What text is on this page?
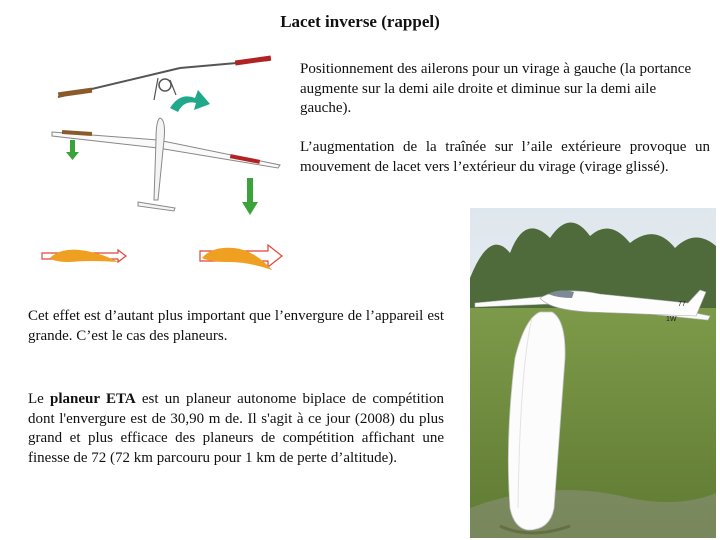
Lacet inverse (rappel)

Positionnement des ailerons pour un virage à gauche (la portance augmente sur la demi aile droite et diminue sur la demi aile gauche).

L’augmentation de la traînée sur l’aile extérieure provoque un mouvement de lacet vers l’extérieur du virage (virage glissé).

Cet effet est d’autant plus important que l’envergure de l’appareil est grande. C’est le cas des planeurs.

Le planeur ETA est un planeur autonome biplace de compétition dont l'envergure est de 30,90 m de. Il s'agit à ce jour (2008) du plus grand et plus efficace des planeurs de compétition affichant une finesse de 72 (72 km parcouru pour 1 km de perte d’altitude).

77
1W
